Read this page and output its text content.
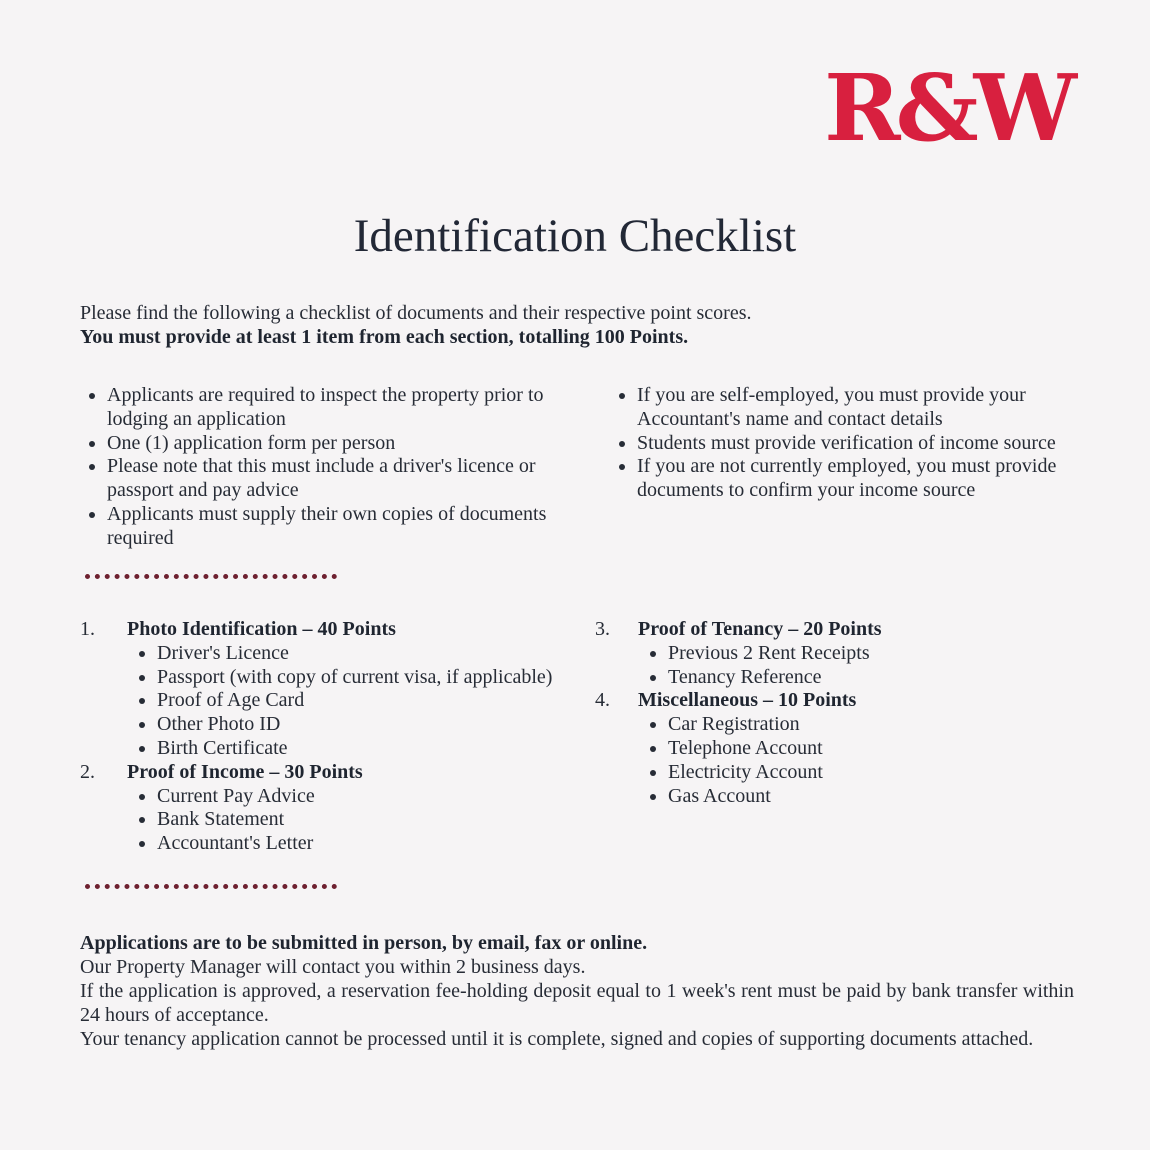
R&W
Identification Checklist
Please find the following a checklist of documents and their respective point scores.
You must provide at least 1 item from each section, totalling 100 Points.
• Applicants are required to inspect the property prior to lodging an application
• One (1) application form per person
• Please note that this must include a driver's licence or passport and pay advice
• Applicants must supply their own copies of documents required
• If you are self-employed, you must provide your Accountant's name and contact details
• Students must provide verification of income source
• If you are not currently employed, you must provide documents to confirm your income source
1.	Photo Identification – 40 Points
• Driver's Licence
• Passport (with copy of current visa, if applicable)
• Proof of Age Card
• Other Photo ID
• Birth Certificate
2.	Proof of Income – 30 Points
• Current Pay Advice
• Bank Statement
• Accountant's Letter
3.	Proof of Tenancy – 20 Points
• Previous 2 Rent Receipts
• Tenancy Reference
4.	Miscellaneous – 10 Points
• Car Registration
• Telephone Account
• Electricity Account
• Gas Account

Applications are to be submitted in person, by email, fax or online.

Our Property Manager will contact you within 2 business days.

If the application is approved, a reservation fee-holding deposit equal to 1 week's rent must be paid by bank transfer within 24 hours of acceptance.

Your tenancy application cannot be processed until it is complete, signed and copies of supporting documents attached.
